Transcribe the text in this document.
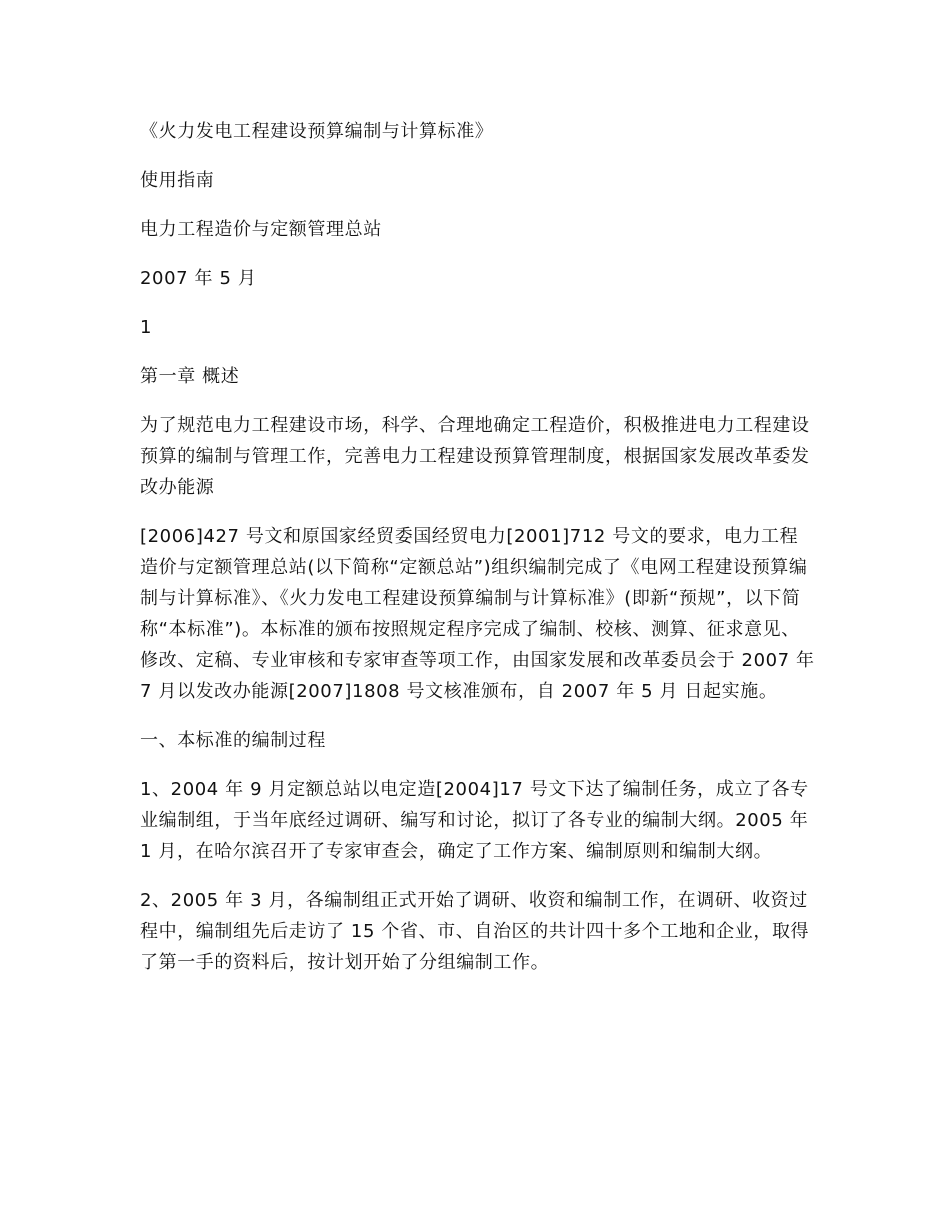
《火力发电工程建设预算编制与计算标准》

使用指南

电力工程造价与定额管理总站

2007 年 5 月

1

第一章 概述

为了规范电力工程建设市场，科学、合理地确定工程造价，积极推进电力工程建设预算的编制与管理工作，完善电力工程建设预算管理制度，根据国家发展改革委发改办能源

[2006]427 号文和原国家经贸委国经贸电力[2001]712 号文的要求，电力工程造价与定额管理总站(以下简称“定额总站”)组织编制完成了《电网工程建设预算编制与计算标准》、《火力发电工程建设预算编制与计算标准》(即新“预规”，以下简称“本标准”)。本标准的颁布按照规定程序完成了编制、校核、测算、征求意见、修改、定稿、专业审核和专家审查等项工作，由国家发展和改革委员会于 2007 年 7 月以发改办能源[2007]1808 号文核准颁布，自 2007 年 5 月 日起实施。

一、本标准的编制过程

1、2004 年 9 月定额总站以电定造[2004]17 号文下达了编制任务，成立了各专业编制组，于当年底经过调研、编写和讨论，拟订了各专业的编制大纲。2005 年 1 月，在哈尔滨召开了专家审查会，确定了工作方案、编制原则和编制大纲。

2、2005 年 3 月，各编制组正式开始了调研、收资和编制工作，在调研、收资过程中，编制组先后走访了 15 个省、市、自治区的共计四十多个工地和企业，取得了第一手的资料后，按计划开始了分组编制工作。
